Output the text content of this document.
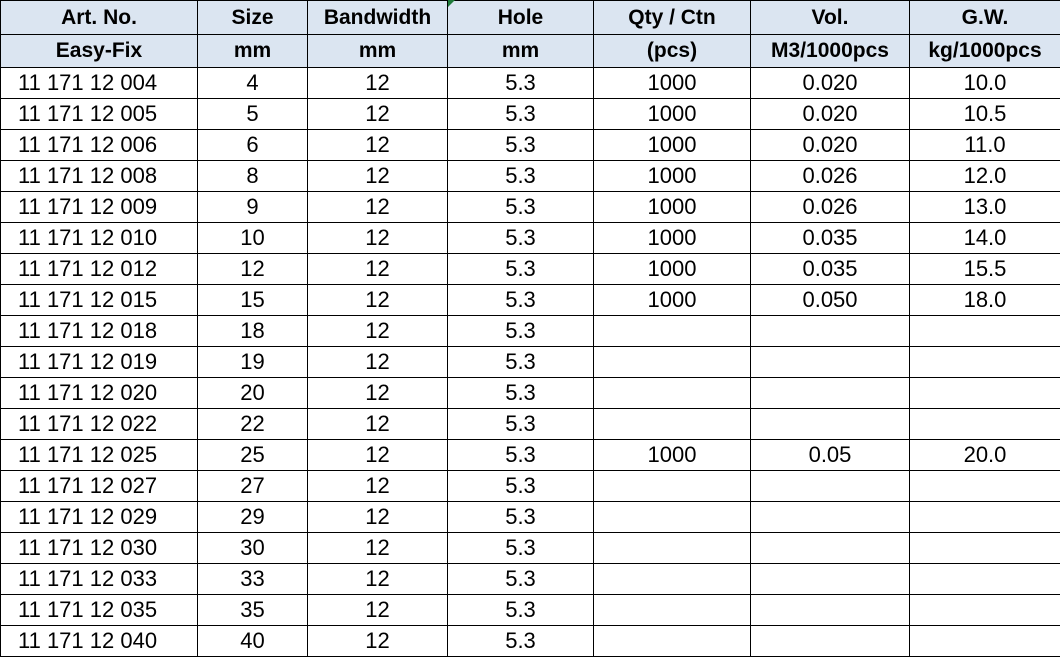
Art. No.	Size	Bandwidth	Hole	Qty / Ctn	Vol.	G.W.
Easy-Fix	mm	mm	mm	(pcs)	M3/1000pcs	kg/1000pcs
11 171 12 004	4	12	5.3	1000	0.020	10.0
11 171 12 005	5	12	5.3	1000	0.020	10.5
11 171 12 006	6	12	5.3	1000	0.020	11.0
11 171 12 008	8	12	5.3	1000	0.026	12.0
11 171 12 009	9	12	5.3	1000	0.026	13.0
11 171 12 010	10	12	5.3	1000	0.035	14.0
11 171 12 012	12	12	5.3	1000	0.035	15.5
11 171 12 015	15	12	5.3	1000	0.050	18.0
11 171 12 018	18	12	5.3			
11 171 12 019	19	12	5.3			
11 171 12 020	20	12	5.3			
11 171 12 022	22	12	5.3			
11 171 12 025	25	12	5.3	1000	0.05	20.0
11 171 12 027	27	12	5.3			
11 171 12 029	29	12	5.3			
11 171 12 030	30	12	5.3			
11 171 12 033	33	12	5.3			
11 171 12 035	35	12	5.3			
11 171 12 040	40	12	5.3			
